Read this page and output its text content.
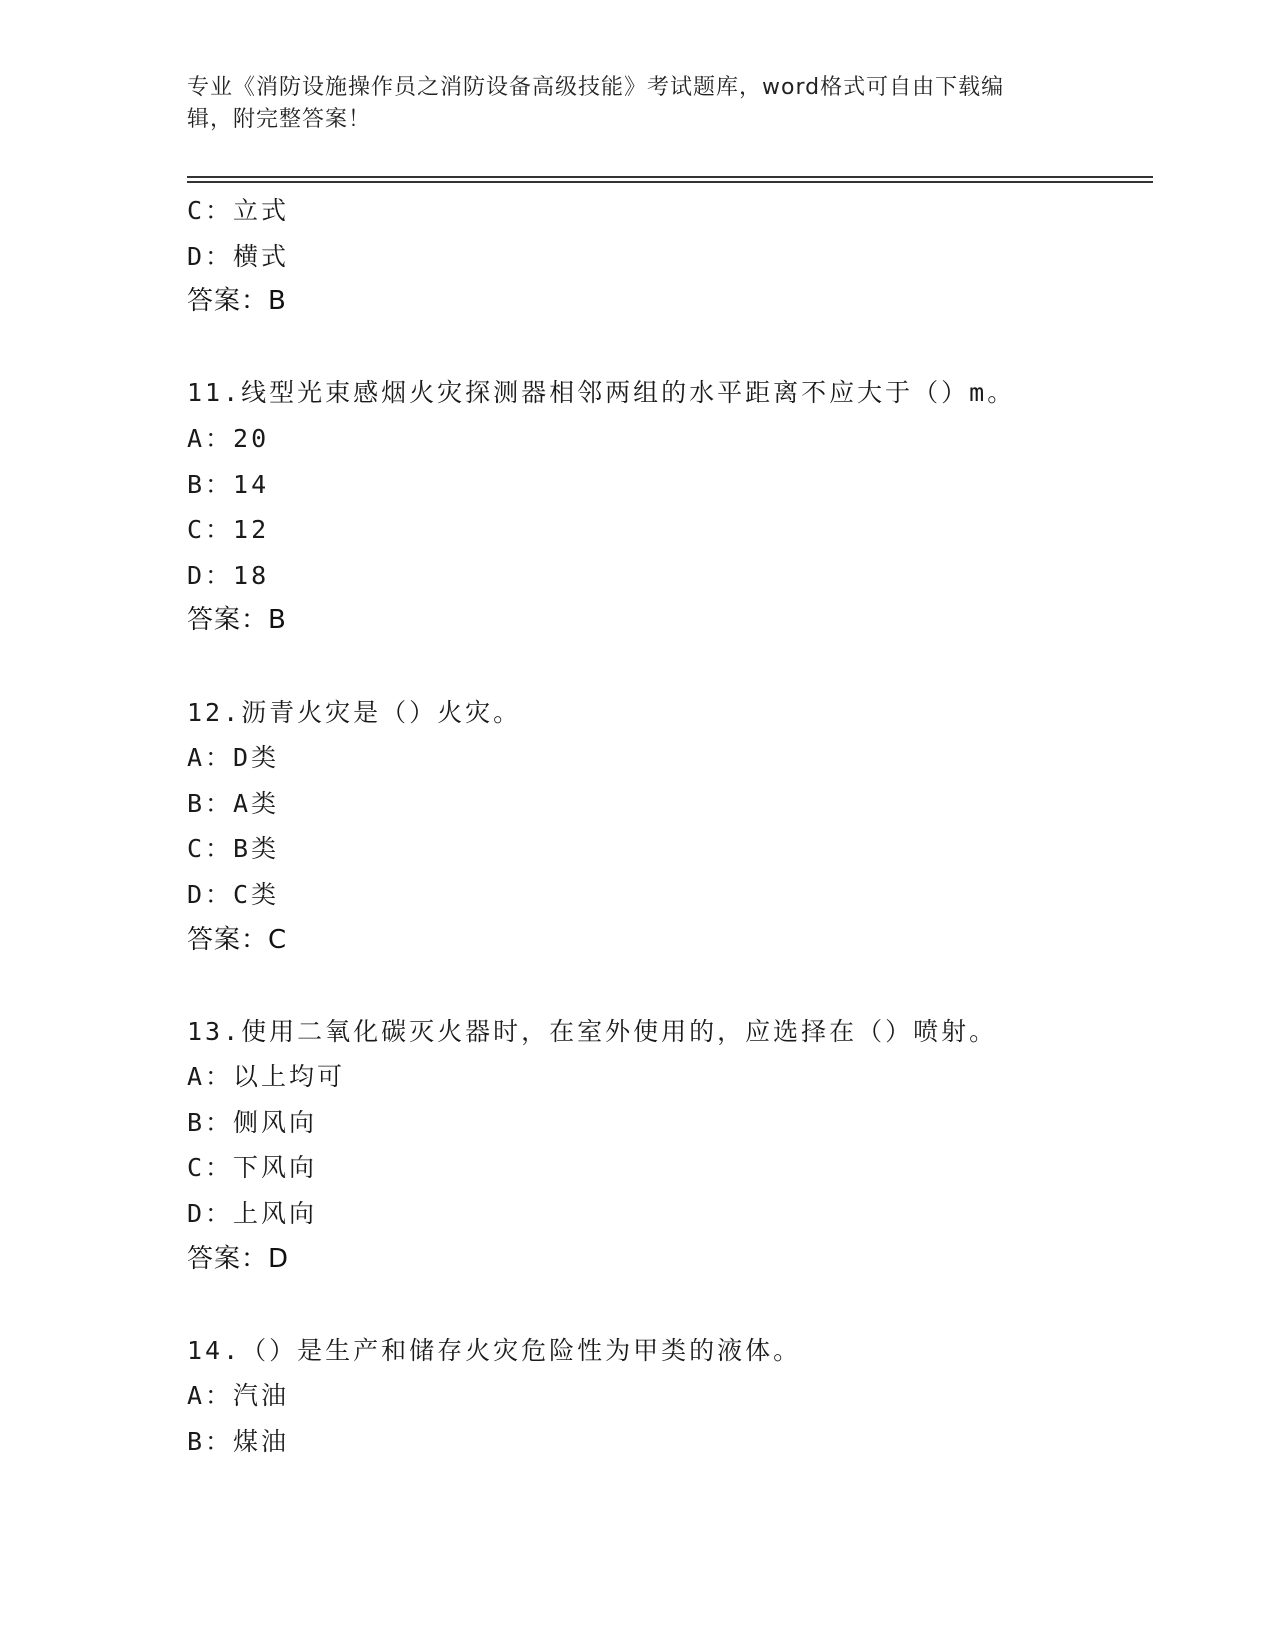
专业《消防设施操作员之消防设备高级技能》考试题库，word格式可自由下载编
辑，附完整答案！
C：立式
D：横式
答案：B
11.线型光束感烟火灾探测器相邻两组的水平距离不应大于（）m。
A：20
B：14
C：12
D：18
答案：B
12.沥青火灾是（）火灾。
A：D类
B：A类
C：B类
D：C类
答案：C
13.使用二氧化碳灭火器时，在室外使用的，应选择在（）喷射。
A：以上均可
B：侧风向
C：下风向
D：上风向
答案：D
14.（）是生产和储存火灾危险性为甲类的液体。
A：汽油
B：煤油
